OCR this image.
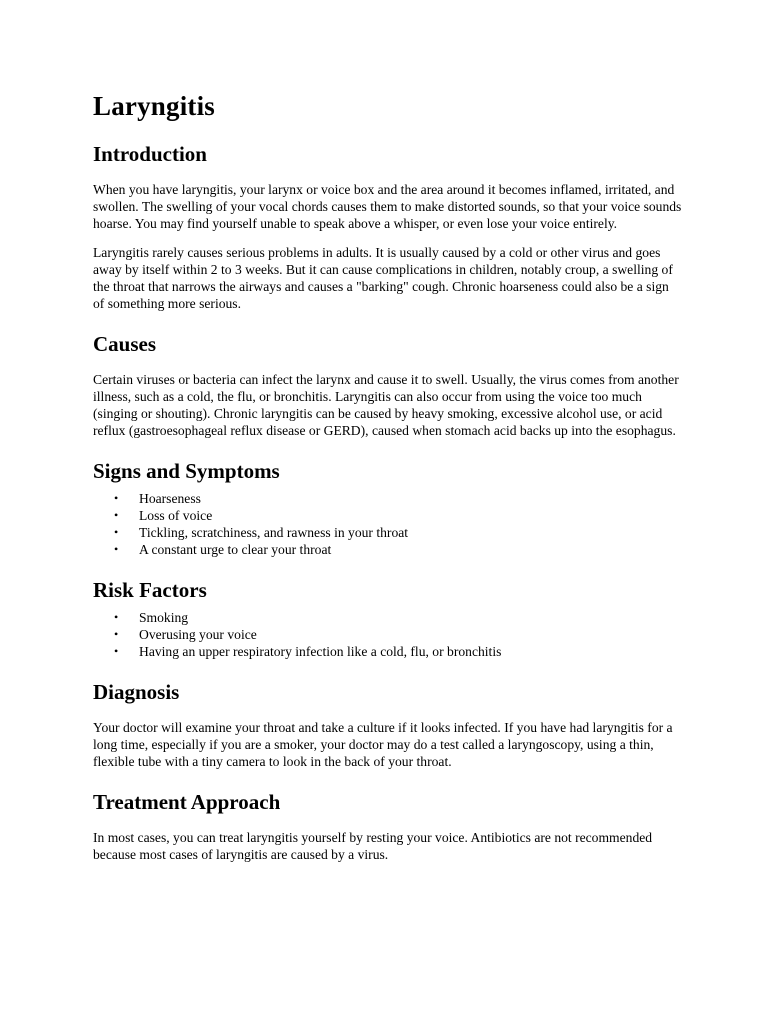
Laryngitis
Introduction

When you have laryngitis, your larynx or voice box and the area around it becomes inflamed, irritated, and swollen. The swelling of your vocal chords causes them to make distorted sounds, so that your voice sounds hoarse. You may find yourself unable to speak above a whisper, or even lose your voice entirely.

Laryngitis rarely causes serious problems in adults. It is usually caused by a cold or other virus and goes away by itself within 2 to 3 weeks. But it can cause complications in children, notably croup, a swelling of the throat that narrows the airways and causes a "barking" cough. Chronic hoarseness could also be a sign of something more serious.

Causes

Certain viruses or bacteria can infect the larynx and cause it to swell. Usually, the virus comes from another illness, such as a cold, the flu, or bronchitis. Laryngitis can also occur from using the voice too much (singing or shouting). Chronic laryngitis can be caused by heavy smoking, excessive alcohol use, or acid reflux (gastroesophageal reflux disease or GERD), caused when stomach acid backs up into the esophagus.

Signs and Symptoms
• Hoarseness
• Loss of voice
• Tickling, scratchiness, and rawness in your throat
• A constant urge to clear your throat
Risk Factors
• Smoking
• Overusing your voice
• Having an upper respiratory infection like a cold, flu, or bronchitis
Diagnosis

Your doctor will examine your throat and take a culture if it looks infected. If you have had laryngitis for a long time, especially if you are a smoker, your doctor may do a test called a laryngoscopy, using a thin, flexible tube with a tiny camera to look in the back of your throat.

Treatment Approach

In most cases, you can treat laryngitis yourself by resting your voice. Antibiotics are not recommended because most cases of laryngitis are caused by a virus.
